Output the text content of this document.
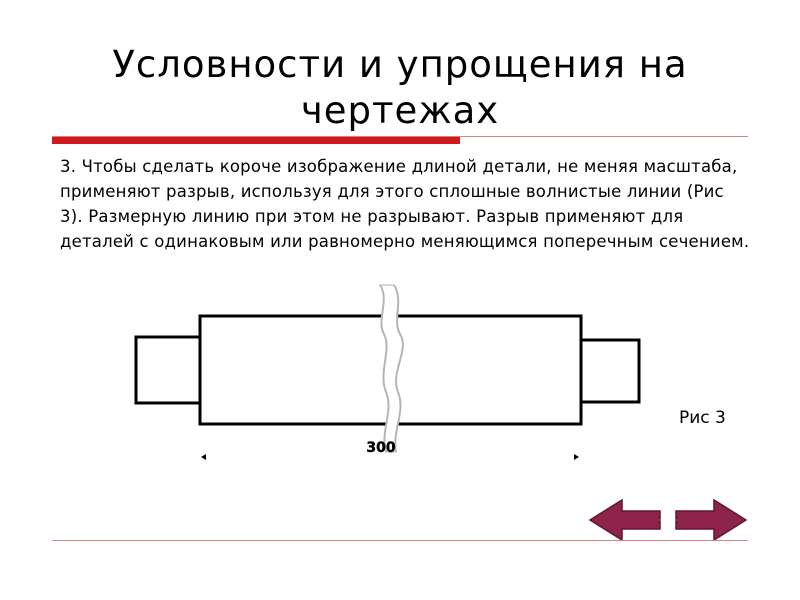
Условности и упрощения на чертежах
3. Чтобы сделать короче изображение длиной детали, не меняя масштаба, применяют разрыв, используя для этого сплошные волнистые линии (Рис 3). Размерную линию при этом не разрывают. Разрыв применяют для деталей с одинаковым или равномерно меняющимся поперечным сечением.
300
Рис 3
